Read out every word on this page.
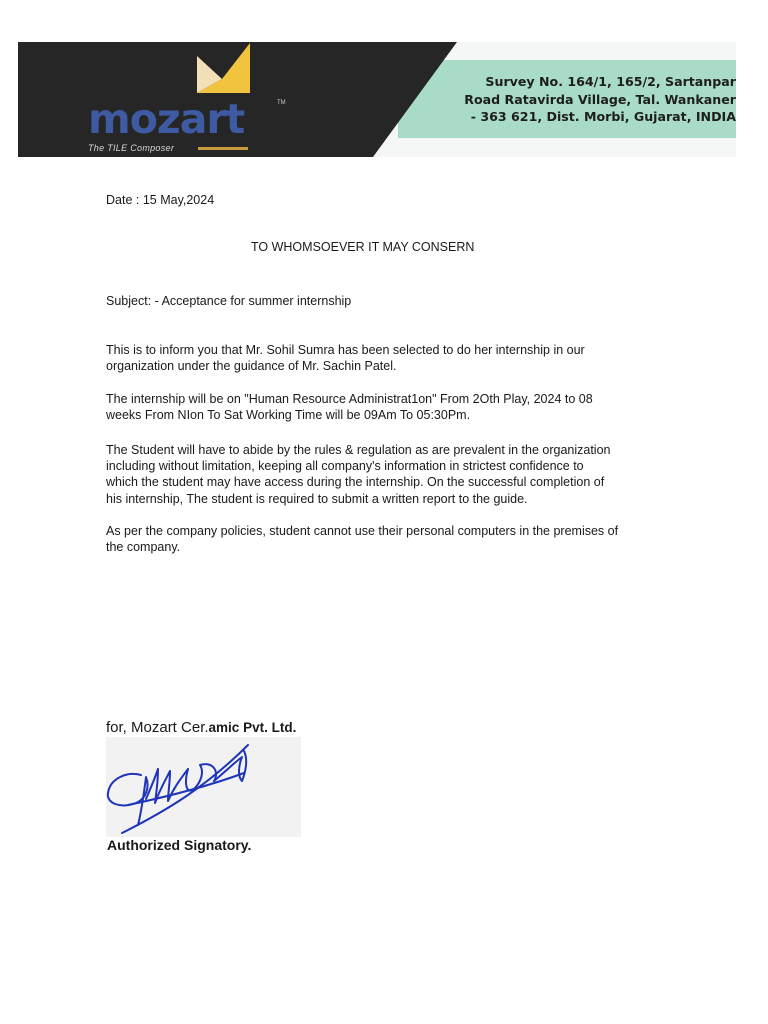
mozart	TM
The TILE Composer
Survey No. 164/1, 165/2, Sartanpar
Road Ratavirda Village, Tal. Wankaner
- 363 621, Dist. Morbi, Gujarat, INDIA
Date : 15 May,2024
TO WHOMSOEVER IT MAY CONSERN
Subject: - Acceptance for summer internship
This is to inform you that Mr. Sohil Sumra has been selected to do her internship in our
organization under the guidance of Mr. Sachin Patel.
The internship will be on "Human Resource Administrat1on" From 2Oth Play, 2024 to 08
weeks From NIon To Sat Working Time will be 09Am To 05:30Pm.
The Student will have to abide by the rules & regulation as are prevalent in the organization
including without limitation, keeping all company's information in strictest confidence to
which the student may have access during the internship. On the successful completion of
his internship, The student is required to submit a written report to the guide.
As per the company policies, student cannot use their personal computers in the premises of
the company.
for, Mozart Cer.amic Pvt. Ltd.
Authorized Signatory.
